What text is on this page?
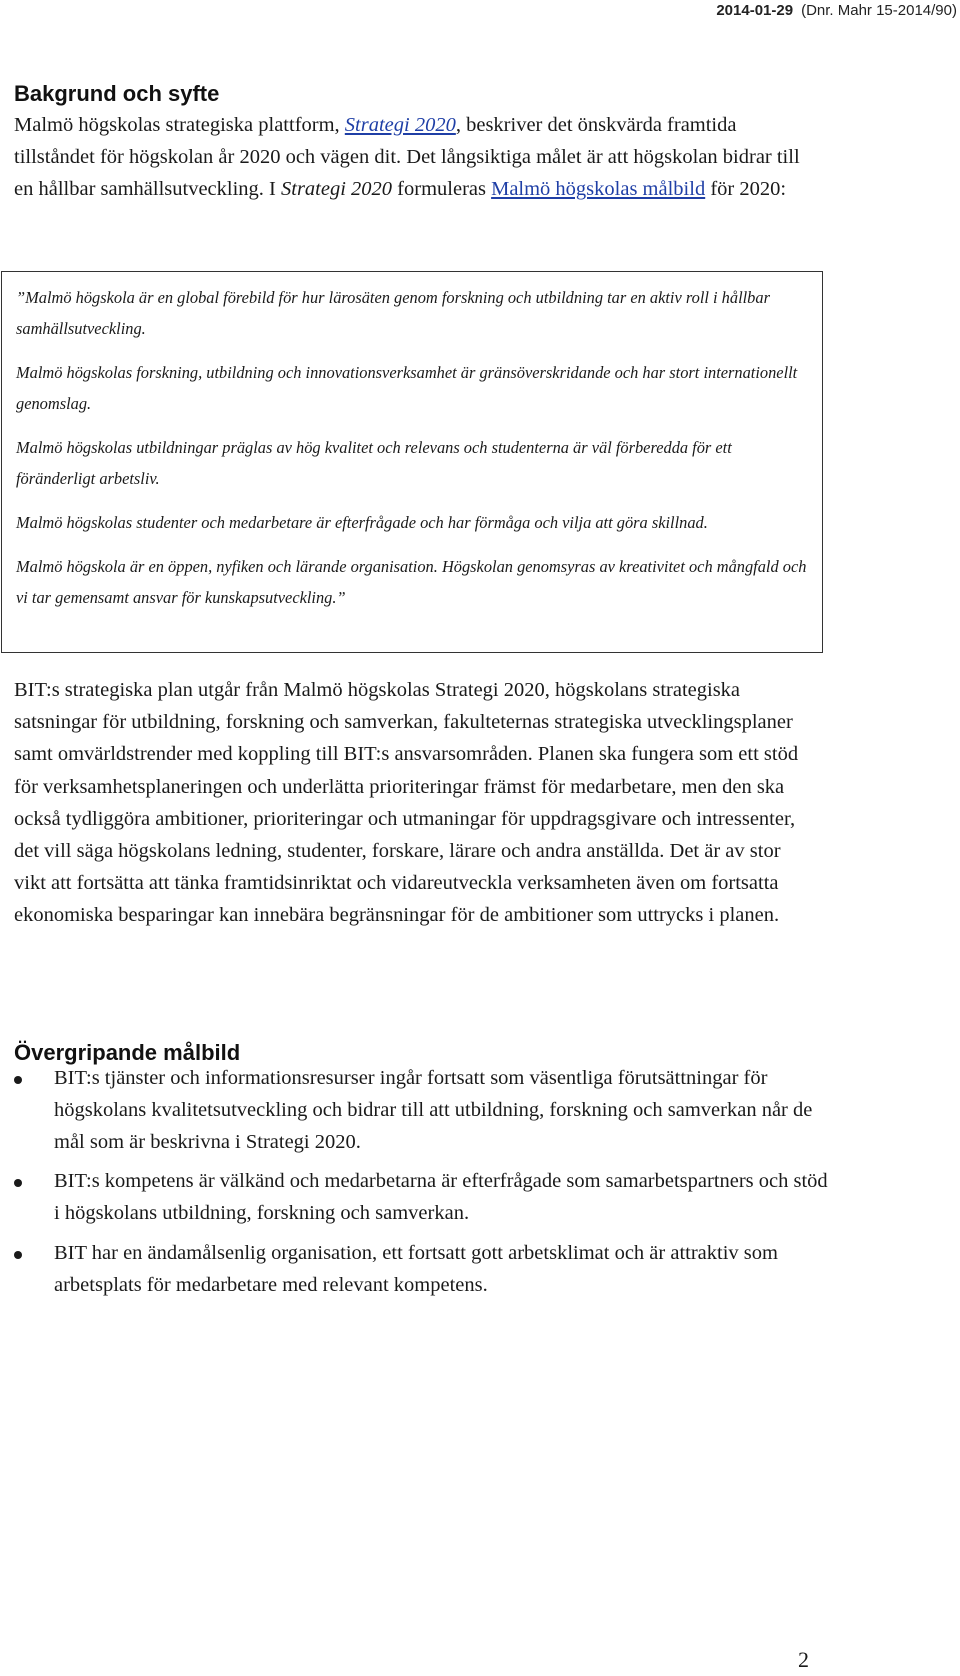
2014-01-29 (Dnr. Mahr 15-2014/90)
Bakgrund och syfte

Malmö högskolas strategiska plattform, Strategi 2020, beskriver det önskvärda framtida tillståndet för högskolan år 2020 och vägen dit. Det långsiktiga målet är att högskolan bidrar till en hållbar samhällsutveckling. I Strategi 2020 formuleras Malmö högskolas målbild för 2020:

”Malmö högskola är en global förebild för hur lärosäten genom forskning och utbildning tar en aktiv roll i hållbar samhällsutveckling.

Malmö högskolas forskning, utbildning och innovationsverksamhet är gränsöverskridande och har stort internationellt genomslag.

Malmö högskolas utbildningar präglas av hög kvalitet och relevans och studenterna är väl förberedda för ett föränderligt arbetsliv.

Malmö högskolas studenter och medarbetare är efterfrågade och har förmåga och vilja att göra skillnad.

Malmö högskola är en öppen, nyfiken och lärande organisation. Högskolan genomsyras av kreativitet och mångfald och vi tar gemensamt ansvar för kunskapsutveckling.”

BIT:s strategiska plan utgår från Malmö högskolas Strategi 2020, högskolans strategiska satsningar för utbildning, forskning och samverkan, fakulteternas strategiska utvecklingsplaner samt omvärldstrender med koppling till BIT:s ansvarsområden. Planen ska fungera som ett stöd för verksamhetsplaneringen och underlätta prioriteringar främst för medarbetare, men den ska också tydliggöra ambitioner, prioriteringar och utmaningar för uppdragsgivare och intressenter, det vill säga högskolans ledning, studenter, forskare, lärare och andra anställda. Det är av stor vikt att fortsätta att tänka framtidsinriktat och vidareutveckla verksamheten även om fortsatta ekonomiska besparingar kan innebära begränsningar för de ambitioner som uttrycks i planen.

Övergripande målbild
BIT:s tjänster och informationsresurser ingår fortsatt som väsentliga förutsättningar för högskolans kvalitetsutveckling och bidrar till att utbildning, forskning och samverkan når de mål som är beskrivna i Strategi 2020.
BIT:s kompetens är välkänd och medarbetarna är efterfrågade som samarbetspartners och stöd i högskolans utbildning, forskning och samverkan.
BIT har en ändamålsenlig organisation, ett fortsatt gott arbetsklimat och är attraktiv som arbetsplats för medarbetare med relevant kompetens.
2
